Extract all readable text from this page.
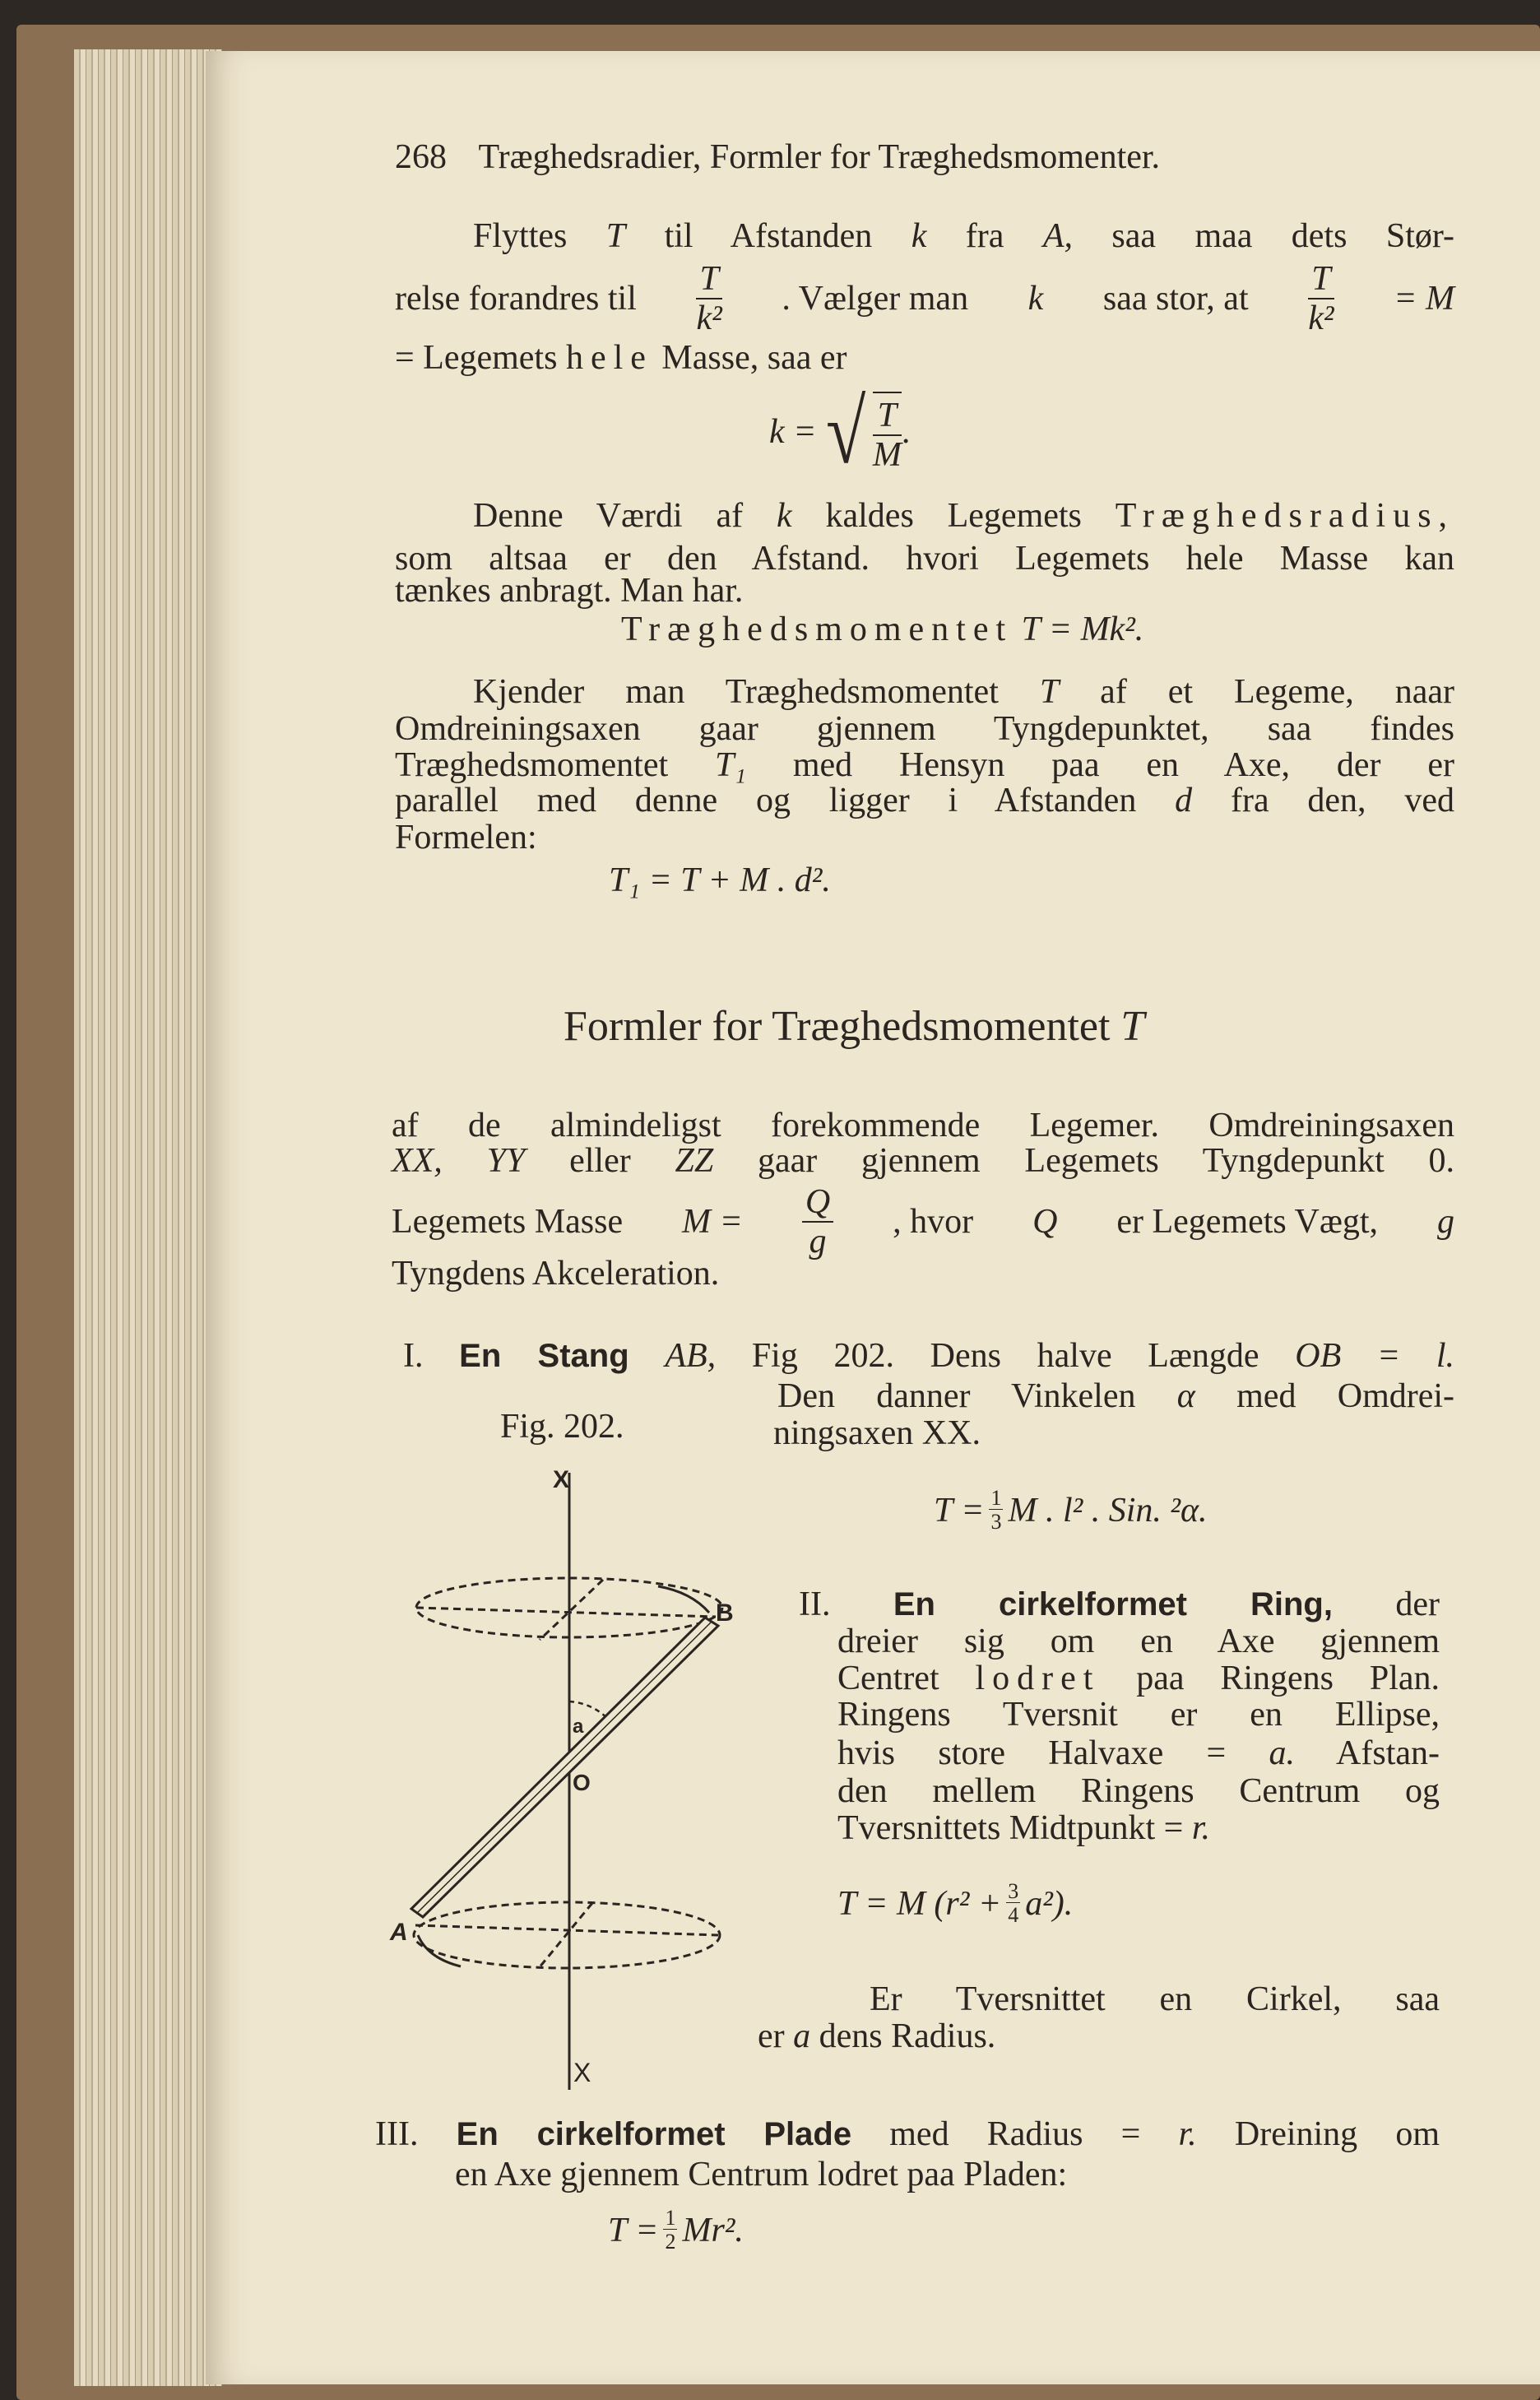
268 Træghedsradier, Formler for Træghedsmomenter.
Flyttes T til Afstanden k fra A, saa maa dets Stør-
relse forandres til $\frac{T}{\text{k²}}$ . Vælger man k saa stor, at $\frac{T}{\text{k²}} = M$
= Legemets hele Masse, saa er
k = √ $\frac{T}{M}$ .
Denne Værdi af k kaldes Legemets Træghedsradius,
som altsaa er den Afstand. hvori Legemets hele Masse kan
tænkes anbragt. Man har.
Træghedsmomentet T = Mk².
Kjender man Træghedsmomentet T af et Legeme, naar
Omdreiningsaxen gaar gjennem Tyngdepunktet, saa findes
Træghedsmomentet T₁ med Hensyn paa en Axe, der er
parallel med denne og ligger i Afstanden d fra den, ved
Formelen:
T₁ = T + M . d².
Formler for Træghedsmomentet T
af de almindeligst forekommende Legemer. Omdreiningsaxen
XX, YY eller ZZ gaar gjennem Legemets Tyngdepunkt 0.
Legemets Masse $M = \frac{Q}{g}$ , hvor Q er Legemets Vægt, g
Tyngdens Akceleration.
I. En Stang AB, Fig 202. Dens halve Længde OB = l.
Den danner Vinkelen α med Omdrei-
Fig. 202.	ningsaxen XX.
$T = \frac{1}{3}$ M . l² . Sin. ²α.
X
X
B
A
O
a
II. En cirkelformet Ring, der
dreier sig om en Axe gjennem
Centret lodret paa Ringens Plan.
Ringens Tversnit er en Ellipse,
hvis store Halvaxe = a. Afstan-
den mellem Ringens Centrum og
Tversnittets Midtpunkt = r.
T = M $(r^2 + \frac{3}{4} a^2)$.
Er Tversnittet en Cirkel, saa
er a dens Radius.
III. En cirkelformet Plade med Radius = r. Dreining om
en Axe gjennem Centrum lodret paa Pladen:
$T = \frac{1}{2} Mr^2$.
